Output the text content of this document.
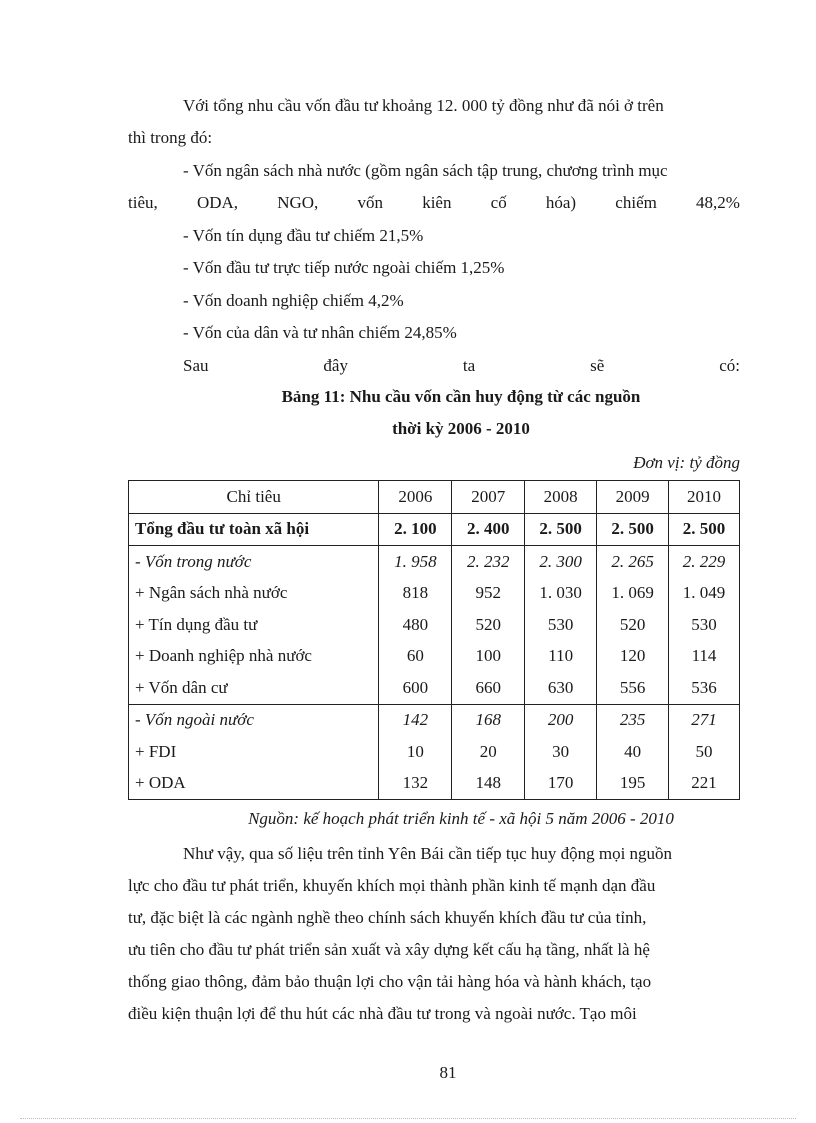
Với tổng nhu cầu vốn đầu tư khoảng 12. 000 tỷ đồng như đã nói ở trên
thì trong đó:
- Vốn ngân sách nhà nước (gồm ngân sách tập trung, chương trình mục
tiêu, ODA, NGO, vốn kiên cố hóa) chiếm 48,2%
- Vốn tín dụng đầu tư chiếm 21,5%
- Vốn đầu tư trực tiếp nước ngoài chiếm 1,25%
- Vốn doanh nghiệp chiếm 4,2%
- Vốn của dân và tư nhân chiếm 24,85%
Sau	đây	ta	sẽ	có:
Bảng 11: Nhu cầu vốn cần huy động từ các nguồn
thời kỳ 2006 - 2010
Đơn vị: tỷ đồng
Chỉ tiêu	2006	2007	2008	2009	2010
Tổng đầu tư toàn xã hội	2. 100	2. 400	2. 500	2. 500	2. 500
- Vốn trong nước	1. 958	2. 232	2. 300	2. 265	2. 229
+ Ngân sách nhà nước	818	952	1. 030	1. 069	1. 049
+ Tín dụng đầu tư	480	520	530	520	530
+ Doanh nghiệp nhà nước	60	100	110	120	114
+ Vốn dân cư	600	660	630	556	536
- Vốn ngoài nước	142	168	200	235	271
+ FDI	10	20	30	40	50
+ ODA	132	148	170	195	221
Nguồn: kế hoạch phát triển kinh tế - xã hội 5 năm 2006 - 2010
Như vậy, qua số liệu trên tỉnh Yên Bái cần tiếp tục huy động mọi nguồn
lực cho đầu tư phát triển, khuyến khích mọi thành phần kinh tế mạnh dạn đầu
tư, đặc biệt là các ngành nghề theo chính sách khuyến khích đầu tư của tỉnh,
ưu tiên cho đầu tư phát triển sản xuất và xây dựng kết cấu hạ tầng, nhất là hệ
thống giao thông, đảm bảo thuận lợi cho vận tải hàng hóa và hành khách, tạo
điều kiện thuận lợi để thu hút các nhà đầu tư trong và ngoài nước. Tạo môi
81
